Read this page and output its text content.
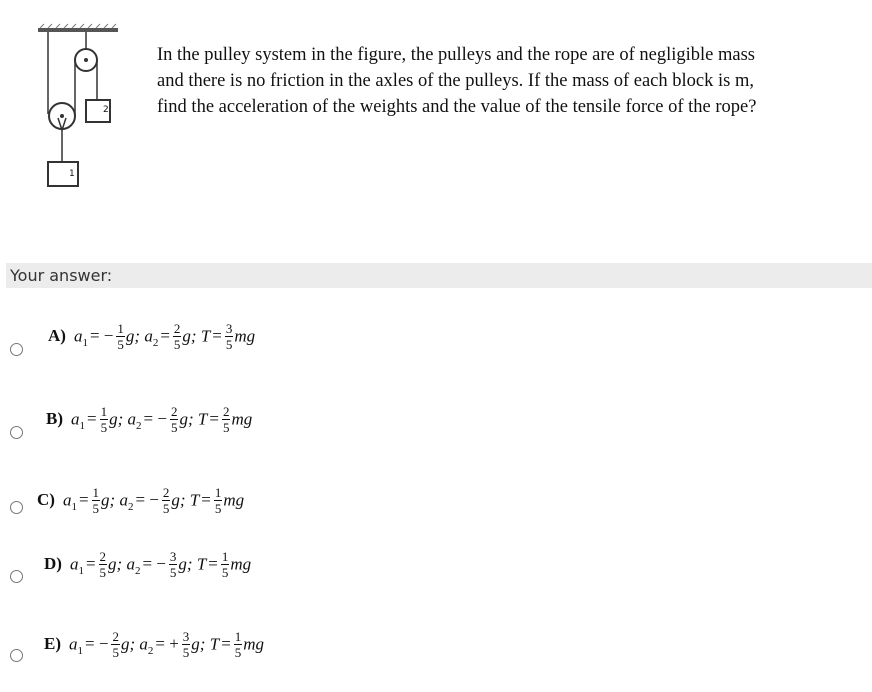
2
1
In the pulley system in the figure, the pulleys and the rope are of negligible mass and there is no friction in the axles of the pulleys. If the mass of each block is m, find the acceleration of the weights and the value of the tensile force of the rope?
Your answer:
A) $a_1$ = − $\frac{1}{5} g$; $a_2 = \frac{2}{5} g$; $T = \frac{3}{5}$ mg
B) $a_1 = \frac{1}{5} g$; $a_2$ = − $\frac{2}{5} g$; $T = \frac{2}{5}$ mg
C) $a_1 = \frac{1}{5} g$; $a_2$ = − $\frac{2}{5} g$; $T = \frac{1}{5}$ mg
D) $a_1 = \frac{2}{5} g$; $a_2$ = − $\frac{3}{5} g$; $T = \frac{1}{5}$ mg
E) $a_1$ = − $\frac{2}{5} g$; $a_2$ = + $\frac{3}{5} g$; $T = \frac{1}{5}$ mg
